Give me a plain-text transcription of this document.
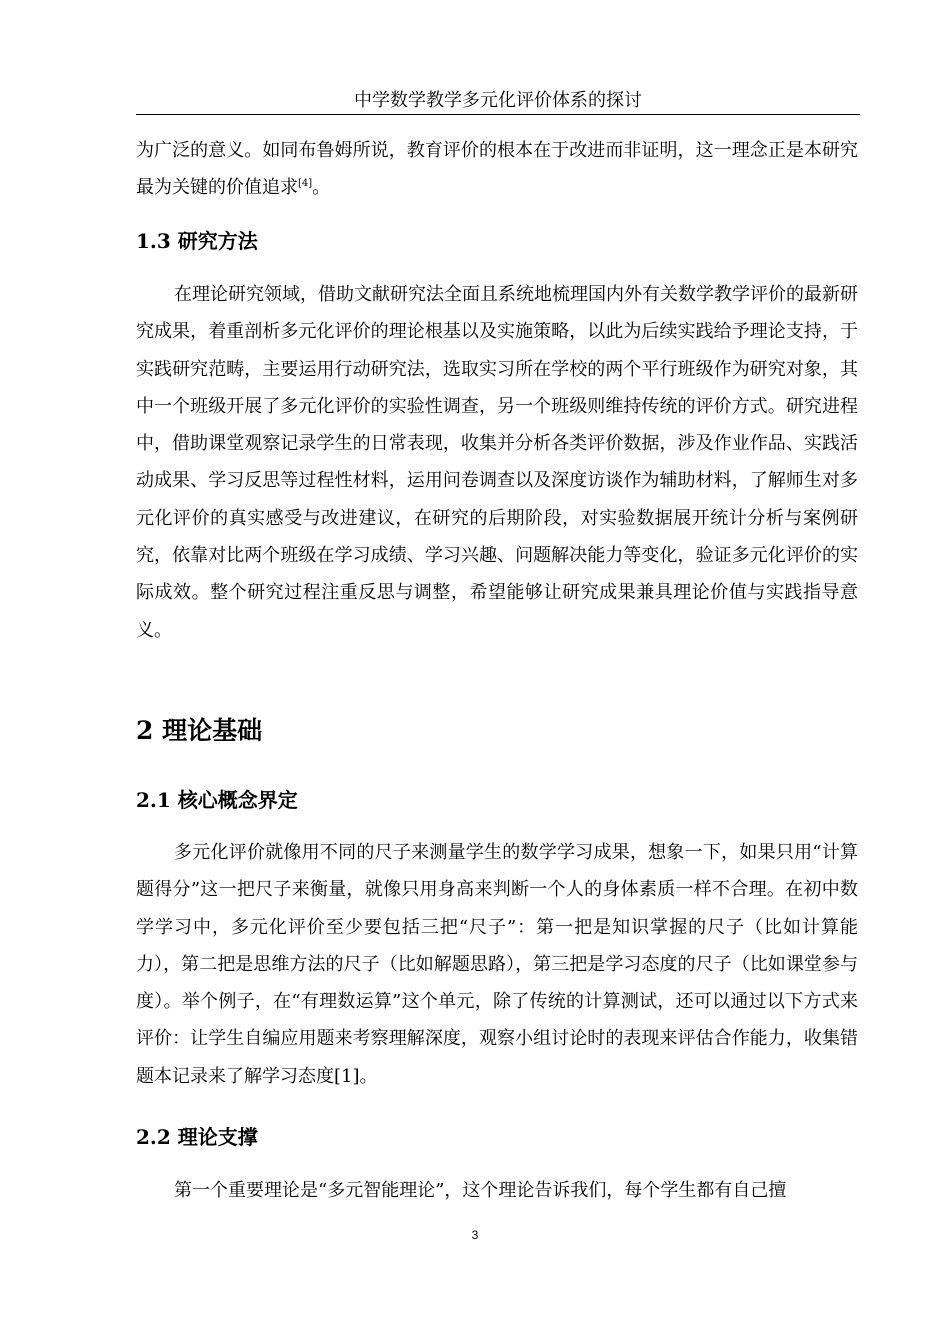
中学数学教学多元化评价体系的探讨

为广泛的意义。如同布鲁姆所说，教育评价的根本在于改进而非证明，这一理念正是本研究最为关键的价值追求[4]。

1.3 研究方法

在理论研究领域，借助文献研究法全面且系统地梳理国内外有关数学教学评价的最新研究成果，着重剖析多元化评价的理论根基以及实施策略，以此为后续实践给予理论支持，于实践研究范畴，主要运用行动研究法，选取实习所在学校的两个平行班级作为研究对象，其中一个班级开展了多元化评价的实验性调查，另一个班级则维持传统的评价方式。研究进程中，借助课堂观察记录学生的日常表现，收集并分析各类评价数据，涉及作业作品、实践活动成果、学习反思等过程性材料，运用问卷调查以及深度访谈作为辅助材料，了解师生对多元化评价的真实感受与改进建议，在研究的后期阶段，对实验数据展开统计分析与案例研究，依靠对比两个班级在学习成绩、学习兴趣、问题解决能力等变化，验证多元化评价的实际成效。整个研究过程注重反思与调整，希望能够让研究成果兼具理论价值与实践指导意义。

2 理论基础
2.1 核心概念界定

多元化评价就像用不同的尺子来测量学生的数学学习成果，想象一下，如果只用“计算题得分”这一把尺子来衡量，就像只用身高来判断一个人的身体素质一样不合理。在初中数学学习中，多元化评价至少要包括三把“尺子”：第一把是知识掌握的尺子（比如计算能力），第二把是思维方法的尺子（比如解题思路），第三把是学习态度的尺子（比如课堂参与度）。举个例子，在“有理数运算”这个单元，除了传统的计算测试，还可以通过以下方式来评价：让学生自编应用题来考察理解深度，观察小组讨论时的表现来评估合作能力，收集错题本记录来了解学习态度[1]。

2.2 理论支撑

第一个重要理论是“多元智能理论”，这个理论告诉我们，每个学生都有自己擅

3
